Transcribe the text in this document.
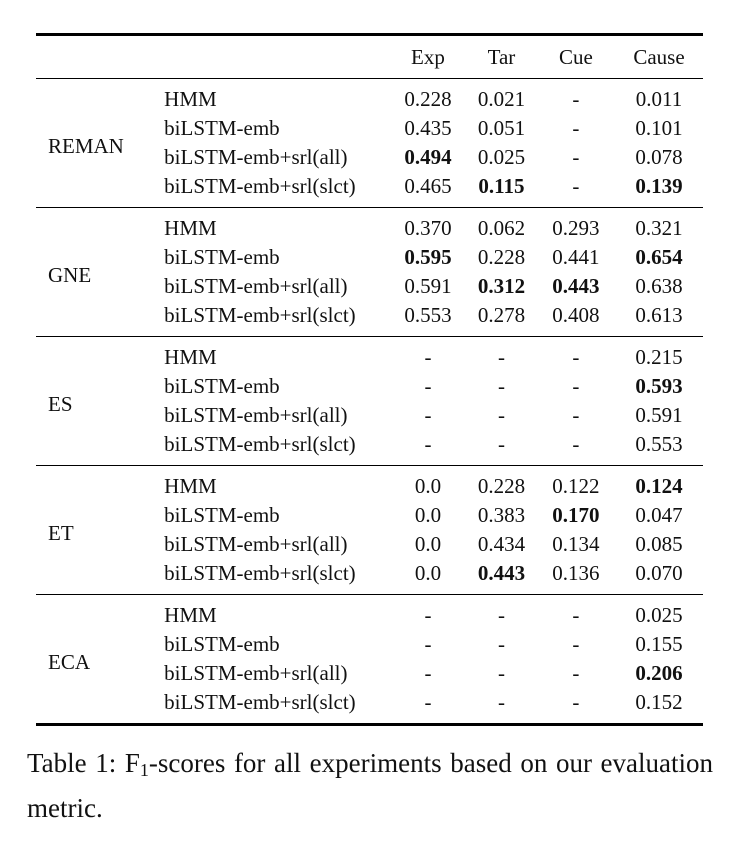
		Exp	Tar	Cue	Cause
REMAN	HMM	0.228	0.021	-	0.011
	biLSTM-emb	0.435	0.051	-	0.101
	biLSTM-emb+srl(all)	0.494	0.025	-	0.078
	biLSTM-emb+srl(slct)	0.465	0.115	-	0.139
GNE	HMM	0.370	0.062	0.293	0.321
	biLSTM-emb	0.595	0.228	0.441	0.654
	biLSTM-emb+srl(all)	0.591	0.312	0.443	0.638
	biLSTM-emb+srl(slct)	0.553	0.278	0.408	0.613
ES	HMM	-	-	-	0.215
	biLSTM-emb	-	-	-	0.593
	biLSTM-emb+srl(all)	-	-	-	0.591
	biLSTM-emb+srl(slct)	-	-	-	0.553
ET	HMM	0.0	0.228	0.122	0.124
	biLSTM-emb	0.0	0.383	0.170	0.047
	biLSTM-emb+srl(all)	0.0	0.434	0.134	0.085
	biLSTM-emb+srl(slct)	0.0	0.443	0.136	0.070
ECA	HMM	-	-	-	0.025
	biLSTM-emb	-	-	-	0.155
	biLSTM-emb+srl(all)	-	-	-	0.206
	biLSTM-emb+srl(slct)	-	-	-	0.152
Table 1: $F_1$-scores for all experiments based on our evaluation metric.
